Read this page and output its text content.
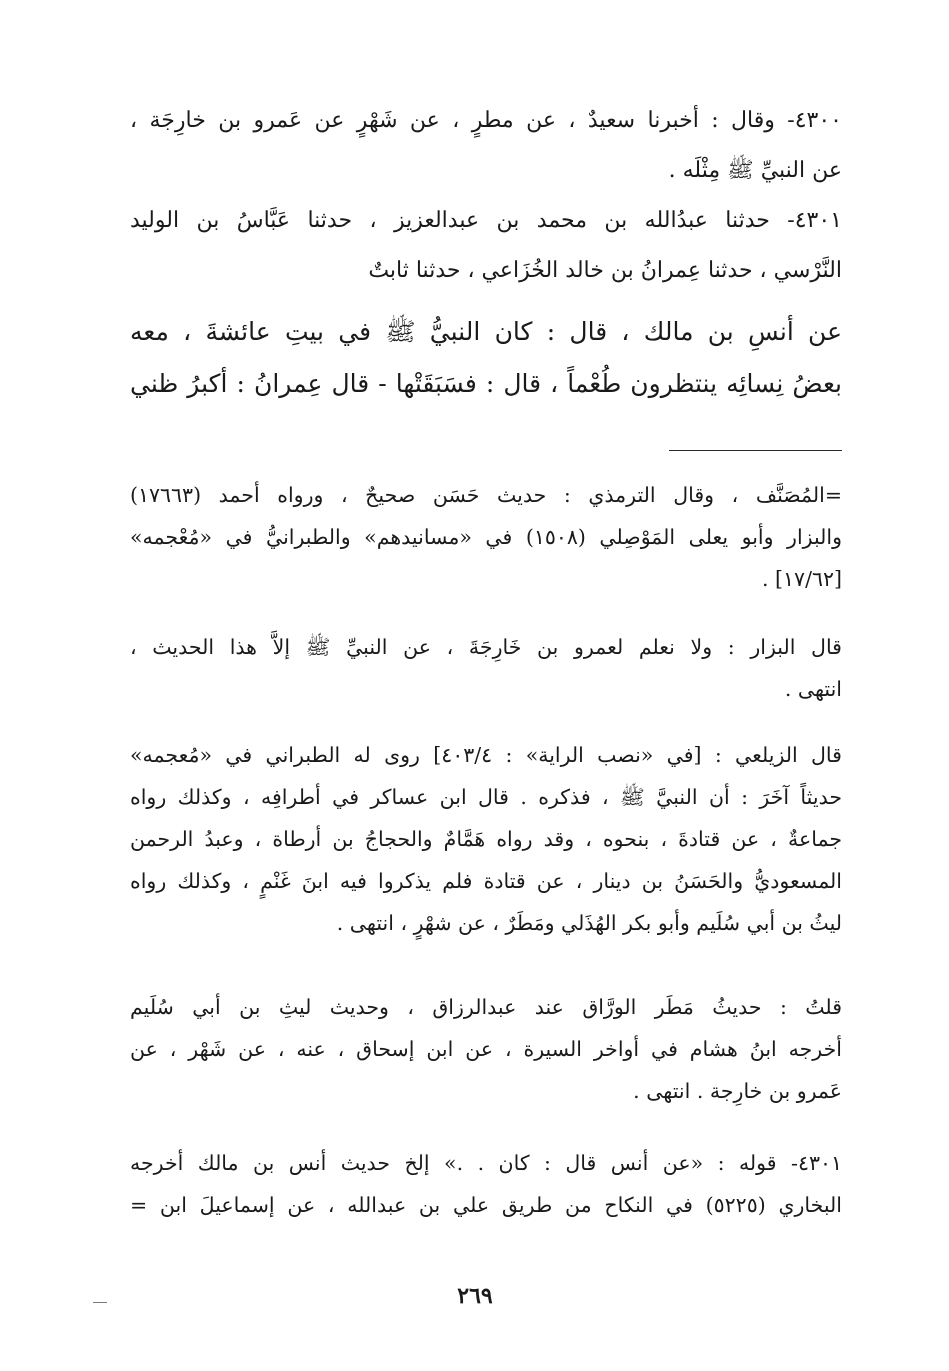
٤٣٠٠- وقال : أخبرنا سعيدٌ ، عن مطرٍ ، عن شَهْرٍ عن عَمرو بن خارِجَة ،
عن النبيِّ ﷺ مِثْلَه .
٤٣٠١- حدثنا عبدُالله بن محمد بن عبدالعزيز ، حدثنا عَبَّاسُ بن الوليد
النَّرْسي ، حدثنا عِمرانُ بن خالد الخُزَاعي ، حدثنا ثابتٌ
عن أنسِ بن مالك ، قال : كان النبيُّ ﷺ في بيتِ عائشةَ ، معه
بعضُ نِسائِه ينتظرون طُعْماً ، قال : فسَبَقَتْها - قال عِمرانُ : أكبرُ ظني
=المُصَنَّف ، وقال الترمذي : حديث حَسَن صحيحٌ ، ورواه أحمد (١٧٦٦٣)
والبزار وأبو يعلى المَوْصِلي (١٥٠٨) في «مسانيدهم» والطبرانيُّ في «مُعْجمه»
[١٧/٦٢] .
قال البزار : ولا نعلم لعمرو بن خَارِجَةَ ، عن النبيِّ ﷺ إلاَّ هذا الحديث ،
انتهى .
قال الزيلعي : [في «نصب الراية» : ٤٠٣/٤] روى له الطبراني في «مُعجمه»
حديثاً آخَرَ : أن النبيَّ ﷺ ، فذكره . قال ابن عساكر في أطرافِه ، وكذلك رواه
جماعةٌ ، عن قتادةَ ، بنحوه ، وقد رواه هَمَّامٌ والحجاجُ بن أرطاة ، وعبدُ الرحمن
المسعوديُّ والحَسَنُ بن دينار ، عن قتادة فلم يذكروا فيه ابنَ غَنْمٍ ، وكذلك رواه
ليثُ بن أبي سُلَيم وأبو بكر الهُذَلي ومَطَرٌ ، عن شهْرٍ ، انتهى .
قلتُ : حديثُ مَطَر الورَّاق عند عبدالرزاق ، وحديث ليثِ بن أبي سُلَيم
أخرجه ابنُ هشام في أواخر السيرة ، عن ابن إسحاق ، عنه ، عن شَهْر ، عن
عَمرو بن خارِجة . انتهى .
٤٣٠١- قوله : «عن أنس قال : كان . .» إلخ حديث أنس بن مالك أخرجه
البخاري (٥٢٢٥) في النكاح من طريق علي بن عبدالله ، عن إسماعيلَ ابن =
٢٦٩
